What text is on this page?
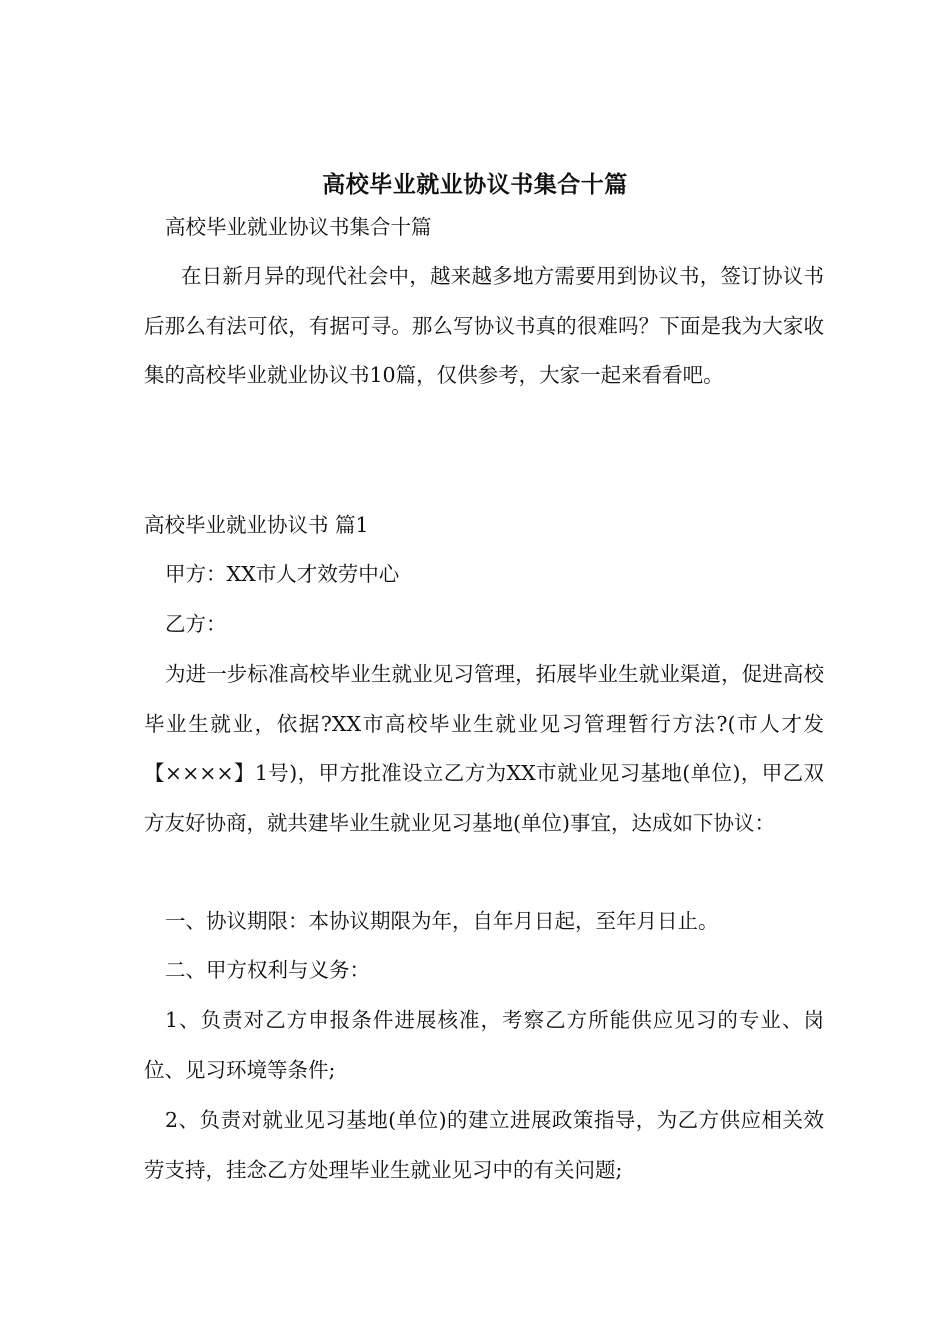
高校毕业就业协议书集合十篇

高校毕业就业协议书集合十篇

在日新月异的现代社会中，越来越多地方需要用到协议书，签订协议书后那么有法可依，有据可寻。那么写协议书真的很难吗？下面是我为大家收集的高校毕业就业协议书10篇，仅供参考，大家一起来看看吧。

高校毕业就业协议书 篇1

甲方：XX市人才效劳中心

乙方：

为进一步标准高校毕业生就业见习管理，拓展毕业生就业渠道，促进高校毕业生就业，依据?XX市高校毕业生就业见习管理暂行方法?(市人才发【××××】1号)，甲方批准设立乙方为XX市就业见习基地(单位)，甲乙双方友好协商，就共建毕业生就业见习基地(单位)事宜，达成如下协议：

一、协议期限：本协议期限为年，自年月日起，至年月日止。

二、甲方权利与义务：

1、负责对乙方申报条件进展核准，考察乙方所能供应见习的专业、岗位、见习环境等条件;

2、负责对就业见习基地(单位)的建立进展政策指导，为乙方供应相关效劳支持，挂念乙方处理毕业生就业见习中的有关问题;
